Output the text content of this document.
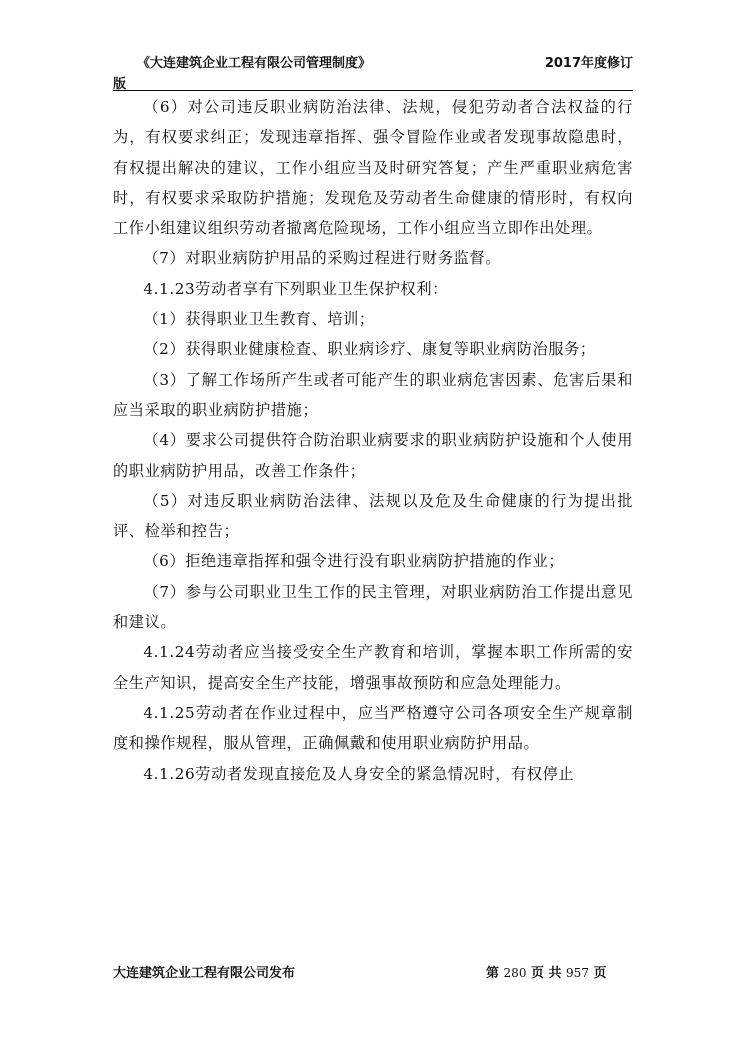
《大连建筑企业工程有限公司管理制度》	2017年度修订
版

（6）对公司违反职业病防治法律、法规，侵犯劳动者合法权益的行为，有权要求纠正；发现违章指挥、强令冒险作业或者发现事故隐患时，有权提出解决的建议，工作小组应当及时研究答复；产生严重职业病危害时，有权要求采取防护措施；发现危及劳动者生命健康的情形时，有权向工作小组建议组织劳动者撤离危险现场，工作小组应当立即作出处理。

（7）对职业病防护用品的采购过程进行财务监督。

4.1.23劳动者享有下列职业卫生保护权利：

（1）获得职业卫生教育、培训；

（2）获得职业健康检查、职业病诊疗、康复等职业病防治服务；

（3）了解工作场所产生或者可能产生的职业病危害因素、危害后果和应当采取的职业病防护措施；

（4）要求公司提供符合防治职业病要求的职业病防护设施和个人使用的职业病防护用品，改善工作条件；

（5）对违反职业病防治法律、法规以及危及生命健康的行为提出批评、检举和控告；

（6）拒绝违章指挥和强令进行没有职业病防护措施的作业；

（7）参与公司职业卫生工作的民主管理，对职业病防治工作提出意见和建议。

4.1.24劳动者应当接受安全生产教育和培训，掌握本职工作所需的安全生产知识，提高安全生产技能，增强事故预防和应急处理能力。

4.1.25劳动者在作业过程中，应当严格遵守公司各项安全生产规章制度和操作规程，服从管理，正确佩戴和使用职业病防护用品。

4.1.26劳动者发现直接危及人身安全的紧急情况时，有权停止

大连建筑企业工程有限公司发布	第 280 页 共 957 页
